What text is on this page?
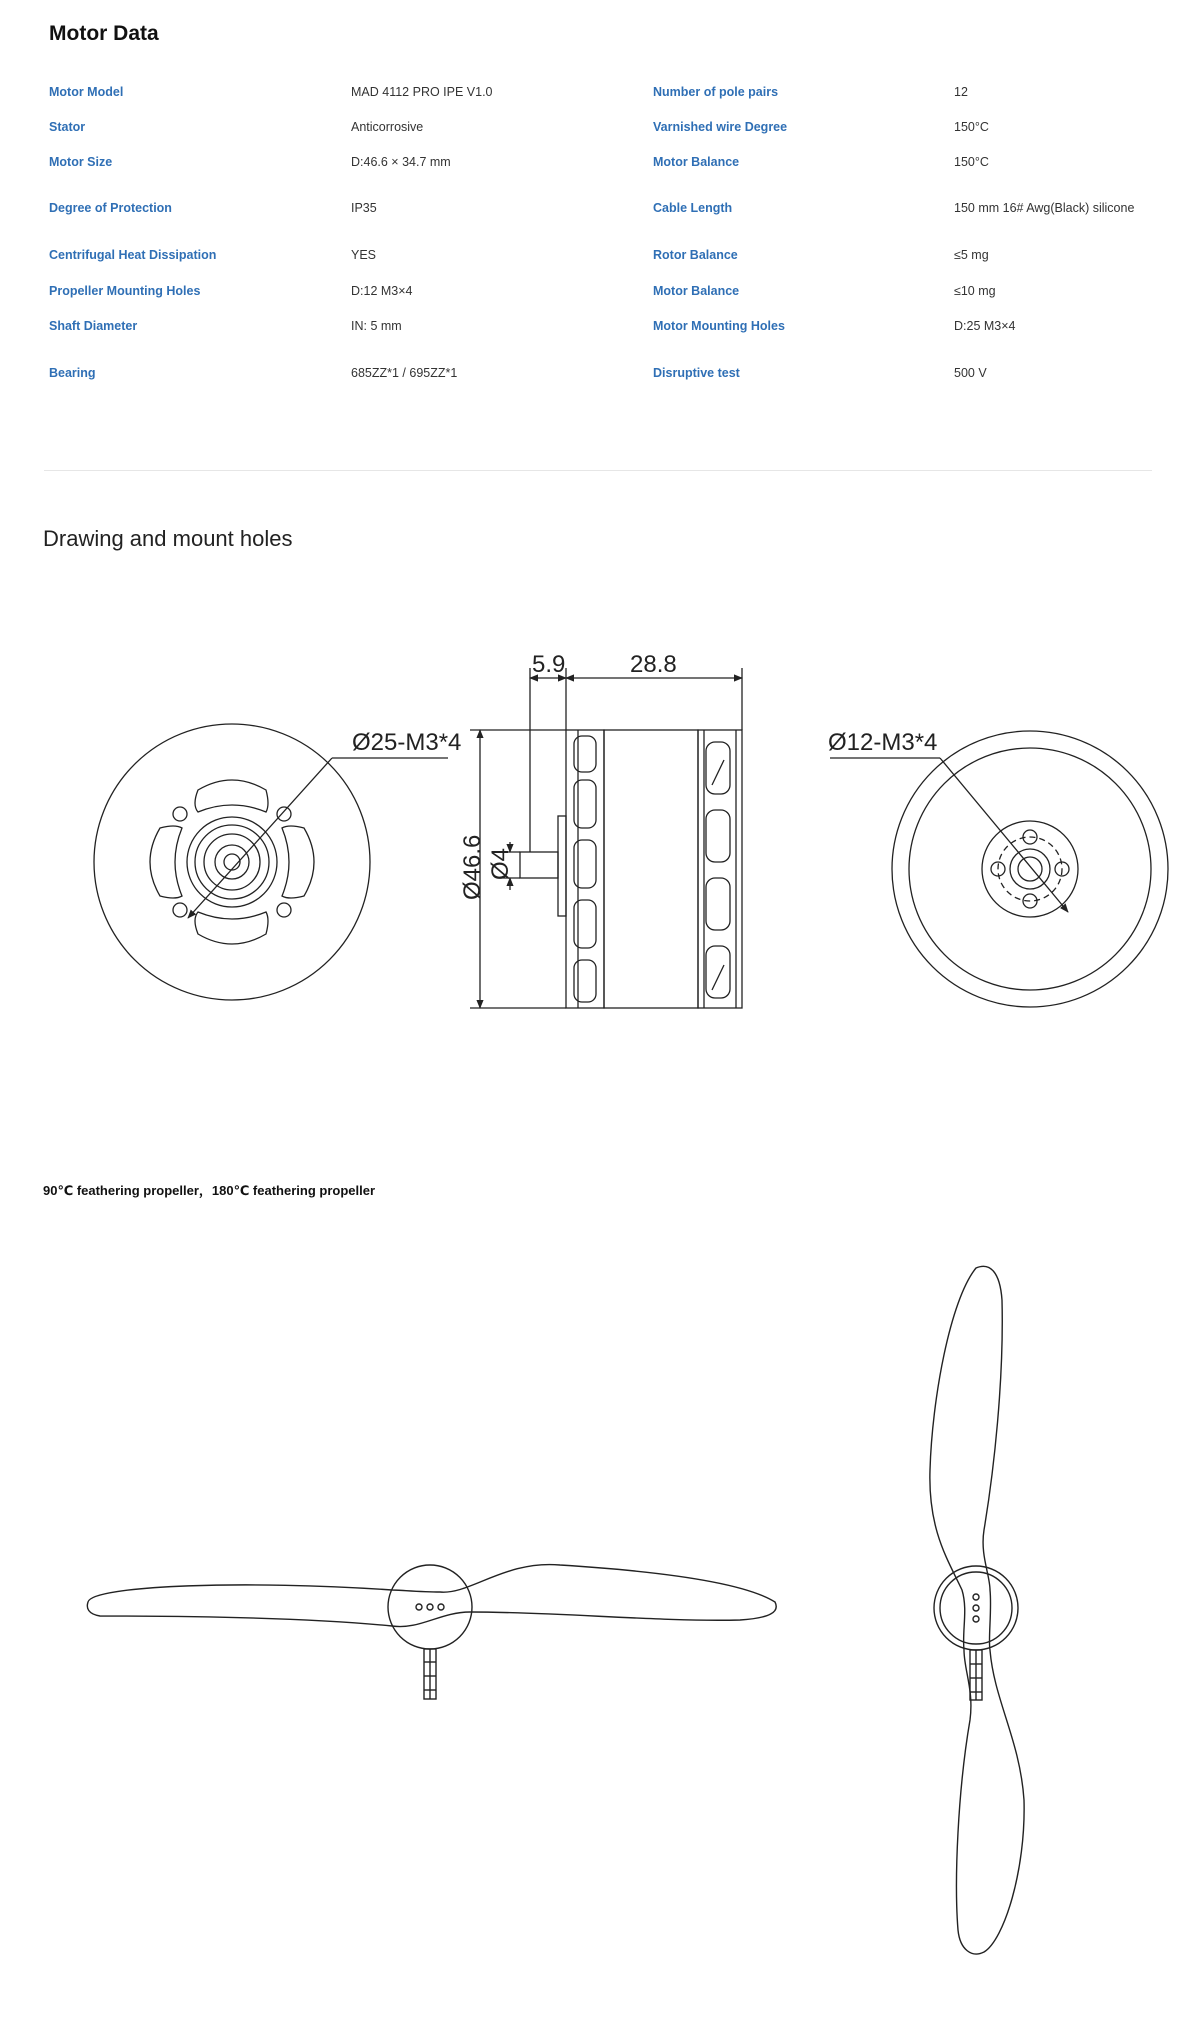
Motor Data
Motor Model	MAD 4112 PRO IPE V1.0	Number of pole pairs	12
Stator	Anticorrosive	Varnished wire Degree	150°C
Motor Size	D:46.6 × 34.7 mm	Motor Balance	150°C
Degree of Protection	IP35	Cable Length	150 mm 16# Awg(Black) silicone
Centrifugal Heat Dissipation	YES	Rotor Balance	≤5 mg
Propeller Mounting Holes	D:12 M3×4	Motor Balance	≤10 mg
Shaft Diameter	IN: 5 mm	Motor Mounting Holes	D:25 M3×4
Bearing	685ZZ*1 / 695ZZ*1	Disruptive test	500 V
Drawing and mount holes
Ø25-M3*4
5.9	28.8
Ø46.6 Ø4
Ø12-M3*4
90℃ feathering propeller，180℃ feathering propeller
